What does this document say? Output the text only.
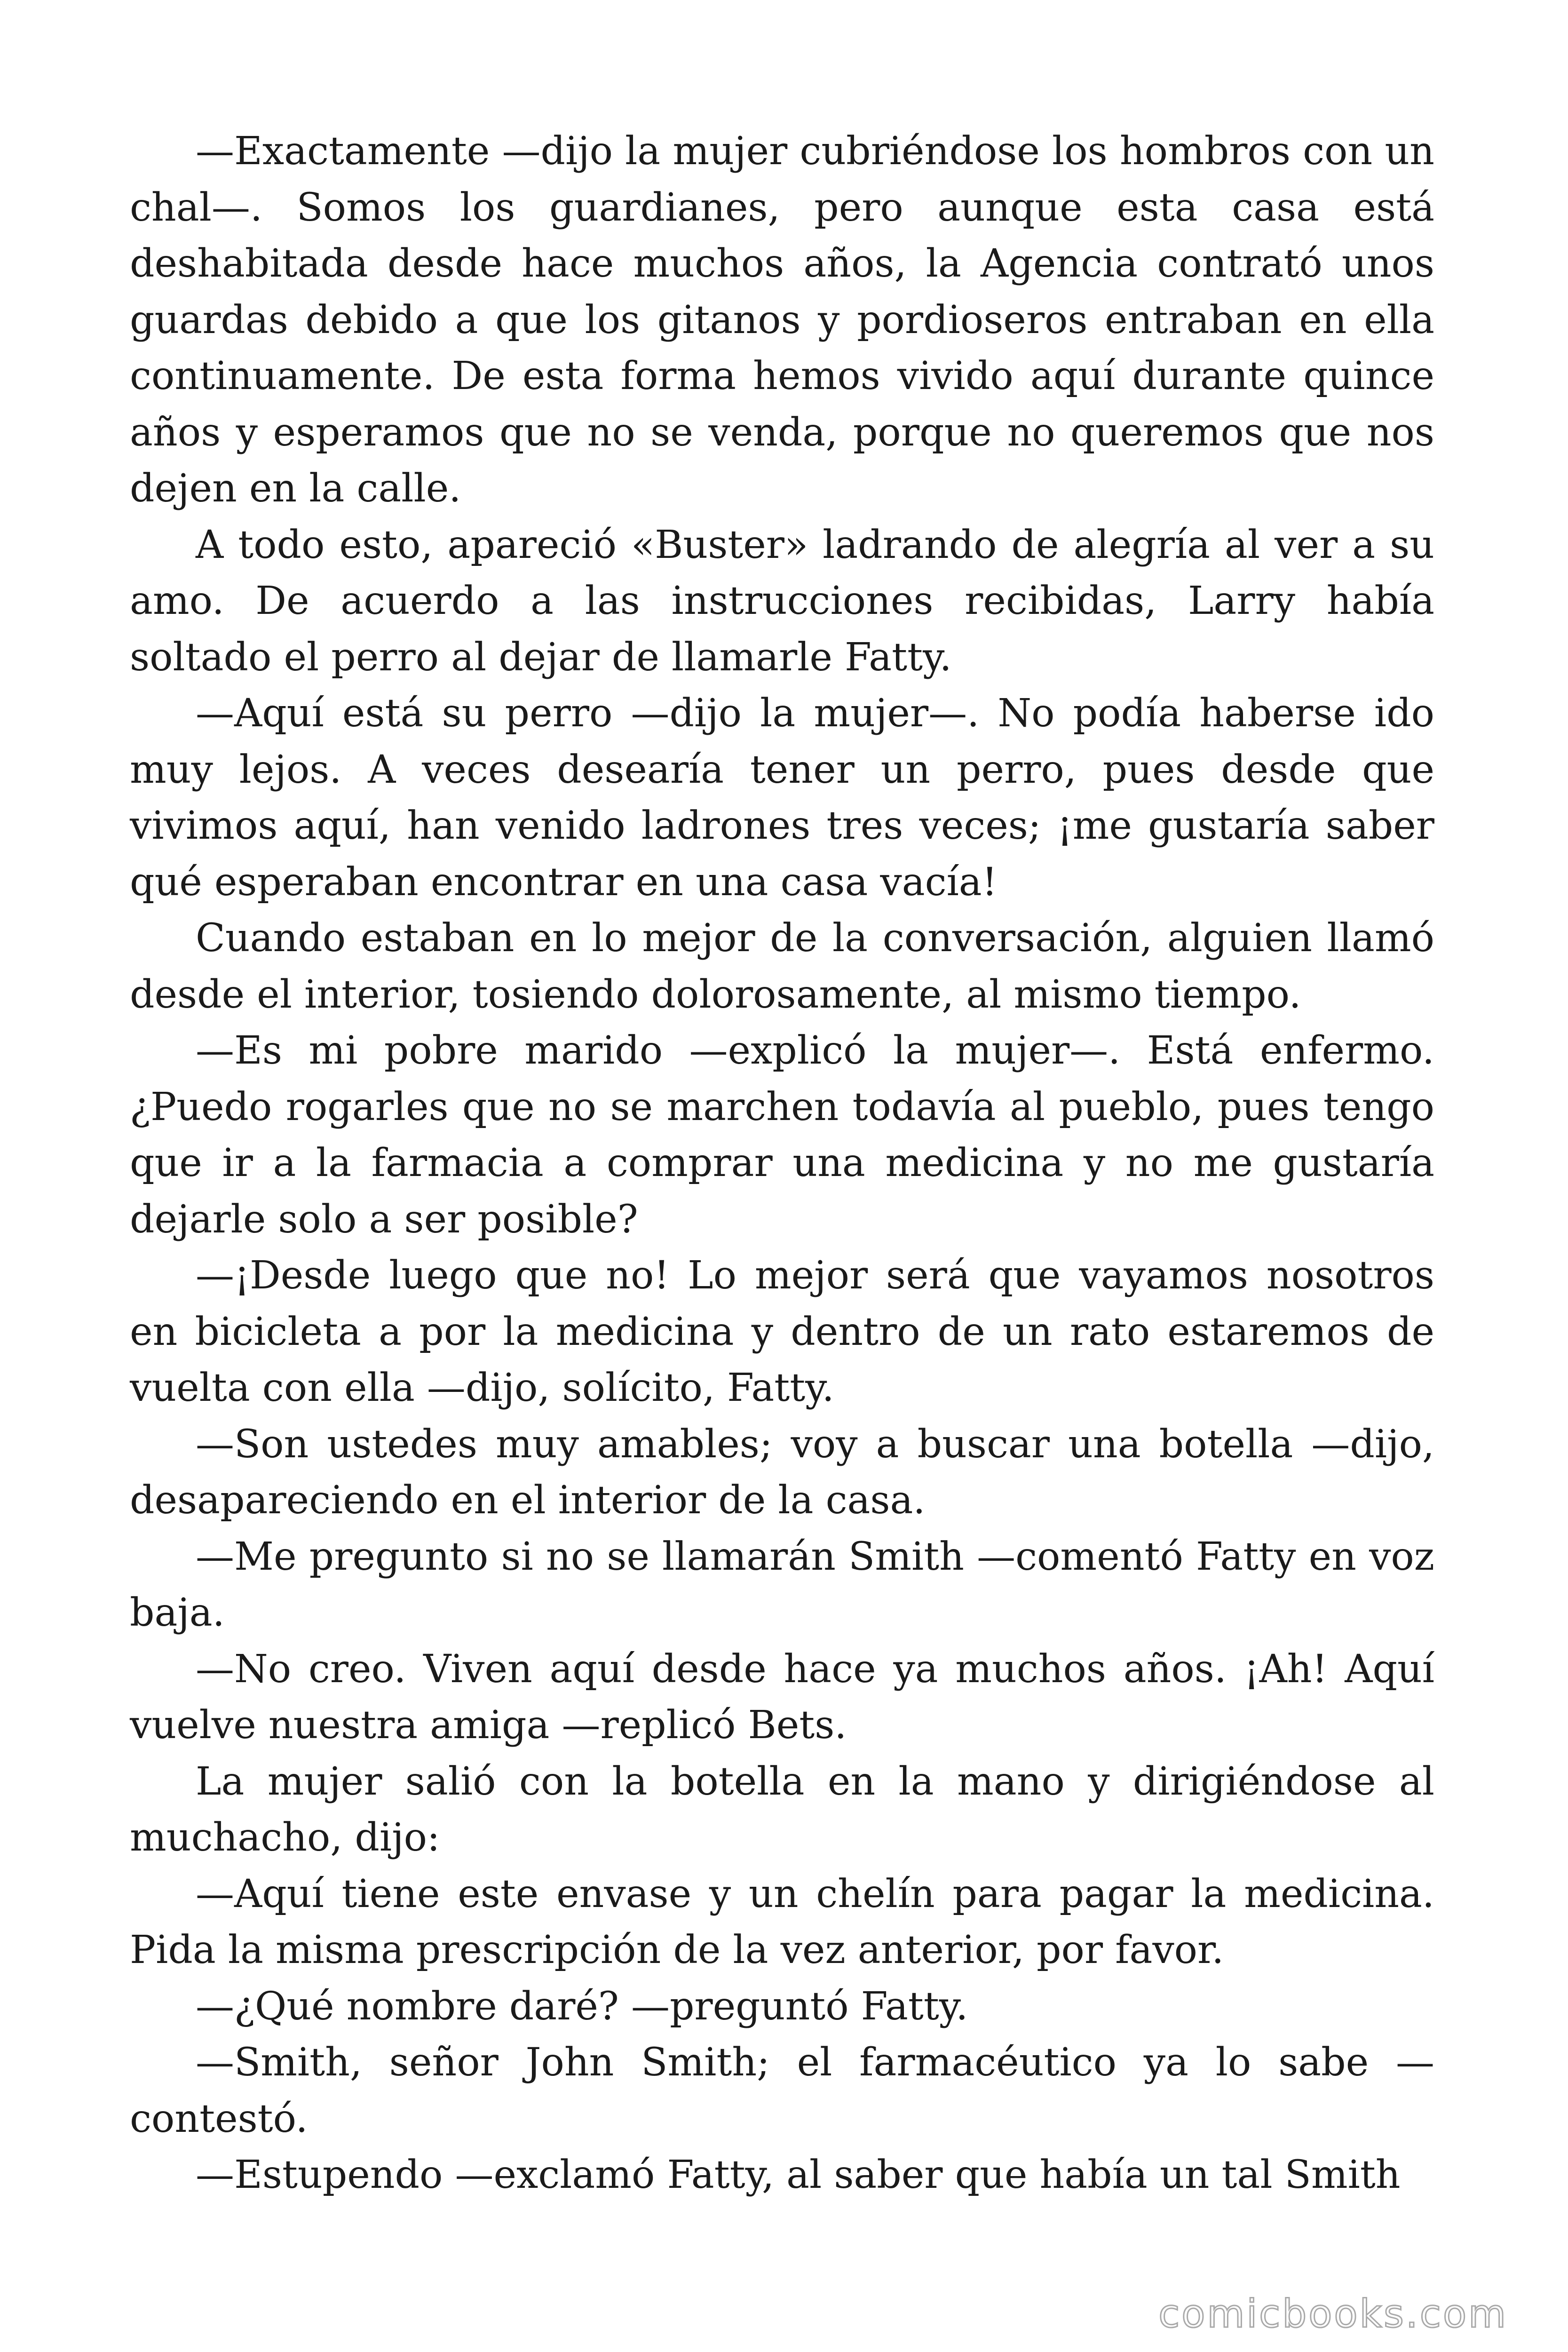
—Exactamente —dijo la mujer cubriéndose los hombros con un chal—. Somos los guardianes, pero aunque esta casa está deshabitada desde hace muchos años, la Agencia contrató unos guardas debido a que los gitanos y pordioseros entraban en ella continuamente. De esta forma hemos vivido aquí durante quince años y esperamos que no se venda, porque no queremos que nos dejen en la calle.

A todo esto, apareció «Buster» ladrando de alegría al ver a su amo. De acuerdo a las instrucciones recibidas, Larry había soltado el perro al dejar de llamarle Fatty.

—Aquí está su perro —dijo la mujer—. No podía haberse ido muy lejos. A veces desearía tener un perro, pues desde que vivimos aquí, han venido ladrones tres veces; ¡me gustaría saber qué esperaban encontrar en una casa vacía!

Cuando estaban en lo mejor de la conversación, alguien llamó desde el interior, tosiendo dolorosamente, al mismo tiempo.

—Es mi pobre marido —explicó la mujer—. Está enfermo. ¿Puedo rogarles que no se marchen todavía al pueblo, pues tengo que ir a la farmacia a comprar una medicina y no me gustaría dejarle solo a ser posible?

—¡Desde luego que no! Lo mejor será que vayamos nosotros en bicicleta a por la medicina y dentro de un rato estaremos de vuelta con ella —dijo, solícito, Fatty.

—Son ustedes muy amables; voy a buscar una botella —dijo, desapareciendo en el interior de la casa.

—Me pregunto si no se llamarán Smith —comentó Fatty en voz baja.

—No creo. Viven aquí desde hace ya muchos años. ¡Ah! Aquí vuelve nuestra amiga —replicó Bets.

La mujer salió con la botella en la mano y dirigiéndose al muchacho, dijo:

—Aquí tiene este envase y un chelín para pagar la medicina. Pida la misma prescripción de la vez anterior, por favor.

—¿Qué nombre daré? —preguntó Fatty.

—Smith, señor John Smith; el farmacéutico ya lo sabe — contestó.

—Estupendo —exclamó Fatty, al saber que había un tal Smith

comicbooks.com
